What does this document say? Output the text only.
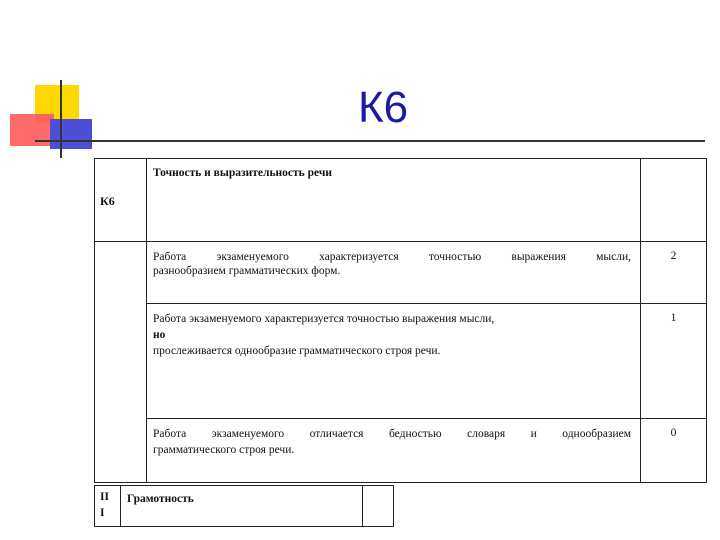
К6
Точность и выразительность речи
К6
Работа экзаменуемого характеризуется точностью выражения мысли,
разнообразием грамматических форм.
2
Работа экзаменуемого характеризуется точностью выражения мысли,
но
прослеживается однообразие грамматического строя речи.
1
Работа экзаменуемого отличается бедностью словаря и однообразием
грамматического строя речи.
0
II
I
Грамотность
